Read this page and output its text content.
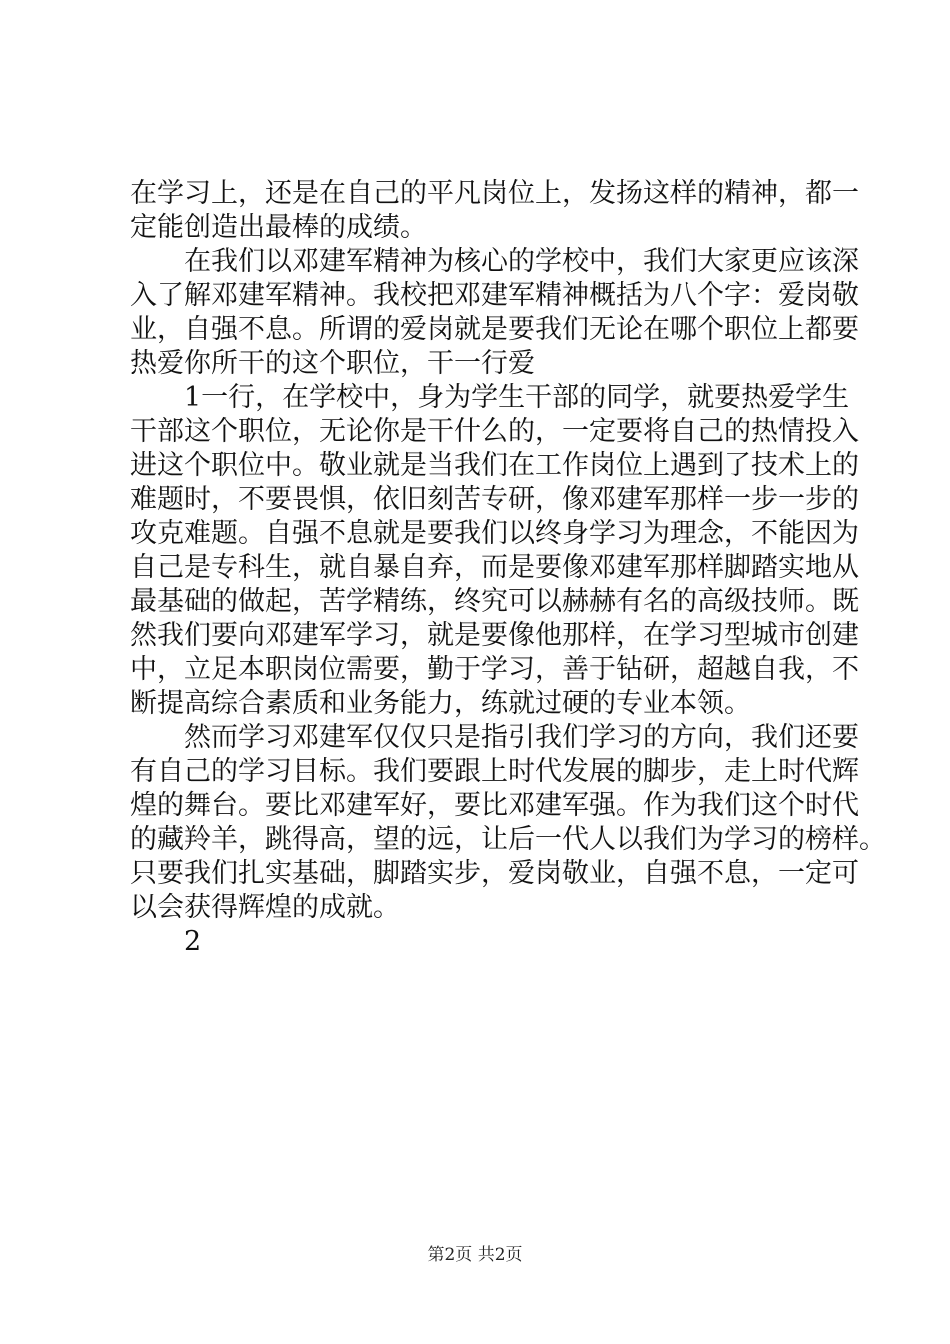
在学习上，还是在自己的平凡岗位上，发扬这样的精神，都一
定能创造出最棒的成绩。
在我们以邓建军精神为核心的学校中，我们大家更应该深
入了解邓建军精神。我校把邓建军精神概括为八个字：爱岗敬
业，自强不息。所谓的爱岗就是要我们无论在哪个职位上都要
热爱你所干的这个职位，干一行爱
1一行，在学校中，身为学生干部的同学，就要热爱学生
干部这个职位，无论你是干什么的，一定要将自己的热情投入
进这个职位中。敬业就是当我们在工作岗位上遇到了技术上的
难题时，不要畏惧，依旧刻苦专研，像邓建军那样一步一步的
攻克难题。自强不息就是要我们以终身学习为理念，不能因为
自己是专科生，就自暴自弃，而是要像邓建军那样脚踏实地从
最基础的做起，苦学精练，终究可以赫赫有名的高级技师。既
然我们要向邓建军学习，就是要像他那样，在学习型城市创建
中，立足本职岗位需要，勤于学习，善于钻研，超越自我，不
断提高综合素质和业务能力，练就过硬的专业本领。
然而学习邓建军仅仅只是指引我们学习的方向，我们还要
有自己的学习目标。我们要跟上时代发展的脚步，走上时代辉
煌的舞台。要比邓建军好，要比邓建军强。作为我们这个时代
的藏羚羊，跳得高，望的远，让后一代人以我们为学习的榜样。
只要我们扎实基础，脚踏实步，爱岗敬业，自强不息，一定可
以会获得辉煌的成就。
2
第2页 共2页
